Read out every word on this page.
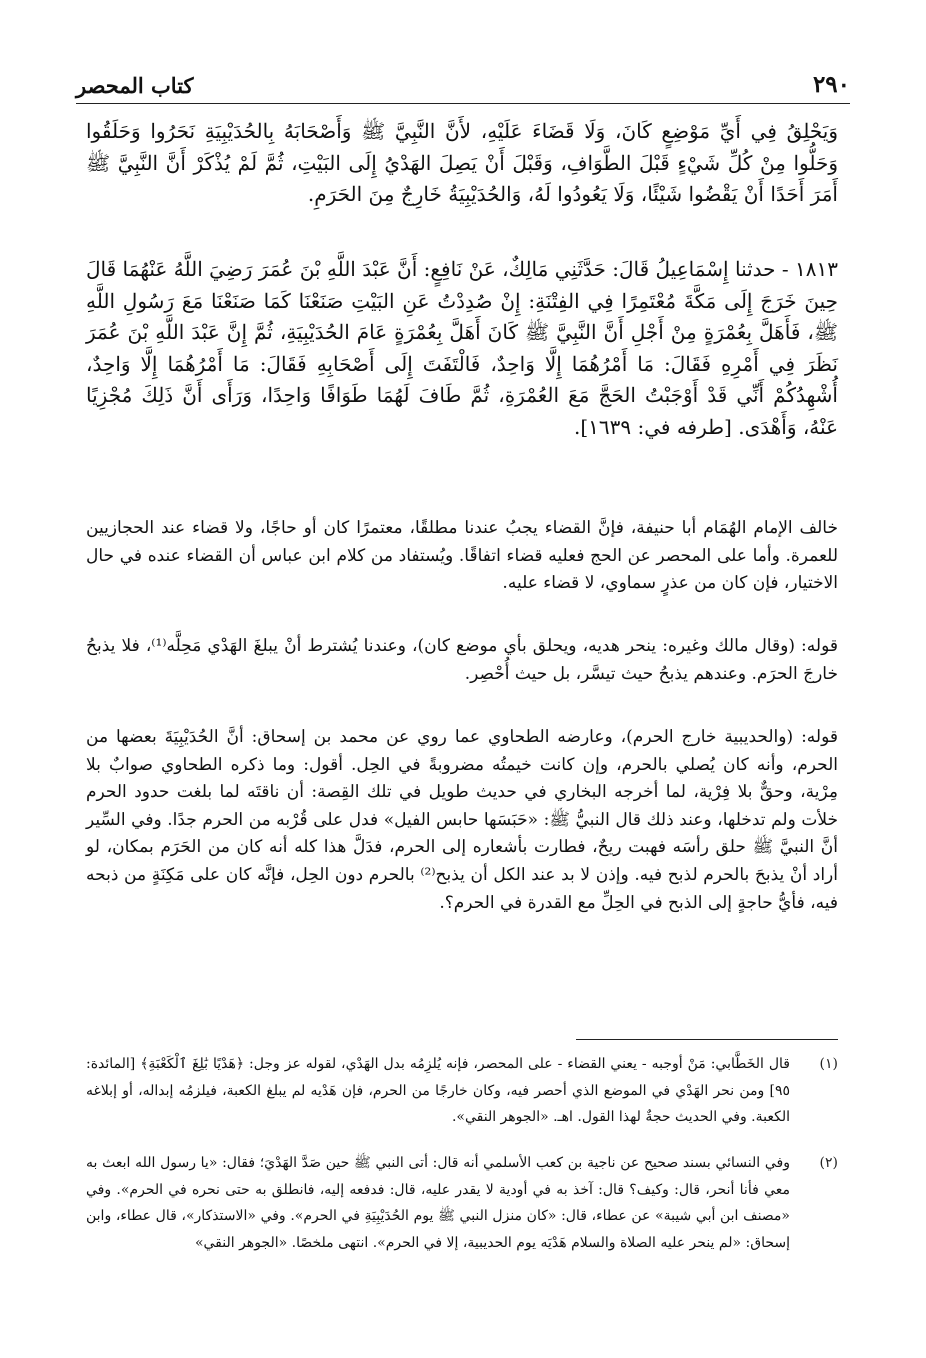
٢٩٠
كتاب المحصر

وَيَحْلِقُ فِي أَيِّ مَوْضِعٍ كَانَ، وَلَا قَضَاءَ عَلَيْهِ، لأَنَّ النَّبِيَّ ﷺ وَأَصْحَابَهُ بِالحُدَيْبِيَةِ نَحَرُوا وَحَلَقُوا وَحَلُّوا مِنْ كُلِّ شَيْءٍ قَبْلَ الطَّوَافِ، وَقَبْلَ أَنْ يَصِلَ الهَدْيُ إِلَى البَيْتِ، ثُمَّ لَمْ يُذْكَرْ أَنَّ النَّبِيَّ ﷺ أَمَرَ أَحَدًا أَنْ يَقْضُوا شَيْئًا، وَلَا يَعُودُوا لَهُ، وَالحُدَيْبِيَةُ خَارِجٌ مِنَ الحَرَمِ.

١٨١٣ - حدثنا إِسْمَاعِيلُ قَالَ: حَدَّثَنِي مَالِكٌ، عَنْ نَافِعٍ: أَنَّ عَبْدَ اللَّهِ بْنَ عُمَرَ رَضِيَ اللَّهُ عَنْهُمَا قَالَ حِينَ خَرَجَ إِلَى مَكَّةَ مُعْتَمِرًا فِي الفِتْنَةِ: إِنْ صُدِدْتُ عَنِ البَيْتِ صَنَعْنَا كَمَا صَنَعْنَا مَعَ رَسُولِ اللَّهِ ﷺ، فَأَهَلَّ بِعُمْرَةٍ مِنْ أَجْلِ أَنَّ النَّبِيَّ ﷺ كَانَ أَهَلَّ بِعُمْرَةٍ عَامَ الحُدَيْبِيَةِ، ثُمَّ إِنَّ عَبْدَ اللَّهِ بْنَ عُمَرَ نَظَرَ فِي أَمْرِهِ فَقَالَ: مَا أَمْرُهُمَا إِلَّا وَاحِدٌ، فَالْتَفَتَ إِلَى أَصْحَابِهِ فَقَالَ: مَا أَمْرُهُمَا إِلَّا وَاحِدٌ، أُشْهِدُكُمْ أَنِّي قَدْ أَوْجَبْتُ الحَجَّ مَعَ العُمْرَةِ، ثُمَّ طَافَ لَهُمَا طَوَافًا وَاحِدًا، وَرَأَى أَنَّ ذَلِكَ مُجْزِيًا عَنْهُ، وَأَهْدَى. [طرفه في: ١٦٣٩].

خالف الإمام الهُمَام أبا حنيفة، فإنَّ القضاء يجبُ عندنا مطلقًا، معتمرًا كان أو حاجًا، ولا قضاء عند الحجازيين للعمرة. وأما على المحصر عن الحج فعليه قضاء اتفاقًا. ويُستفاد من كلام ابن عباس أن القضاء عنده في حال الاختيار، فإن كان من عذرٍ سماوي، لا قضاء عليه.

قوله: (وقال مالك وغيره: ينحر هديه، ويحلق بأي موضع كان)، وعندنا يُشترط أنْ يبلغَ الهَدْي مَحِلَّه⁽¹⁾، فلا يذبحُ خارجَ الحرَم. وعندهم يذبحُ حيث تيسَّر، بل حيث أُحْصِر.

قوله: (والحديبية خارج الحرم)، وعارضه الطحاوي عما روي عن محمد بن إسحاق: أنَّ الحُدَيْبِيَةَ بعضها من الحرم، وأنه كان يُصلي بالحرم، وإن كانت خيمتُه مضروبةً في الحِل. أقول: وما ذكره الطحاوي صوابٌ بلا مِرْية، وحقٌّ بلا فِرْية، لما أخرجه البخاري في حديث طويل في تلك القِصة: أن ناقتَه لما بلغت حدود الحرم خلأت ولم تدخلها، وعند ذلك قال النبيُّ ﷺ: «حَبَسَها حابس الفيل» فدل على قُرْبه من الحرم جدًا. وفي السِّير أنَّ النبيَّ ﷺ حلق رأسَه فهبت ريحٌ، فطارت بأشعاره إلى الحرم، فدَلَّ هذا كله أنه كان من الحَرَم بمكان، لو أراد أنْ يذبحَ بالحرم لذبح فيه. وإذن لا بد عند الكل أن يذبح⁽²⁾ بالحرم دون الحِل، فإنَّه كان على مَكِنَةٍ من ذبحه فيه، فأيُّ حاجةٍ إلى الذبح في الحِلِّ مع القدرة في الحرم؟.

(١)
قال الخَطَّابي: مَنْ أوجبه - يعني القضاء - على المحصر، فإنه يُلزِمُه بدل الهَدْي، لقوله عز وجل: ﴿هَدْيًا بَٰلِغَ ٱلْكَعْبَةِ﴾ [المائدة: ٩٥] ومن نحر الهَدْي في الموضع الذي أحصر فيه، وكان خارجًا من الحرم، فإن هَدْيه لم يبلغ الكعبة، فيلزمُه إبداله، أو إبلاغه الكعبة. وفي الحديث حجةٌ لهذا القول. اهـ. «الجوهر النقي».
(٢)
وفي النسائي بسند صحيح عن ناجية بن كعب الأسلمي أنه قال: أتى النبي ﷺ حين صَدَّ الهَدْيَ؛ فقال: «يا رسول الله ابعث به معي فأنا أنحر، قال: وكيف؟ قال: آخذ به في أودية لا يقدر عليه، قال: فدفعه إليه، فانطلق به حتى نحره في الحرم». وفي «مصنف ابن أبي شيبة» عن عطاء، قال: «كان منزل النبي ﷺ يوم الحُدَيْبِيَةِ في الحرم». وفي «الاستذكار»، قال عطاء، وابن إسحاق: «لم ينحر عليه الصلاة والسلام هَدْيَه يوم الحديبية، إلا في الحرم». انتهى ملخصًا. «الجوهر النقي»
